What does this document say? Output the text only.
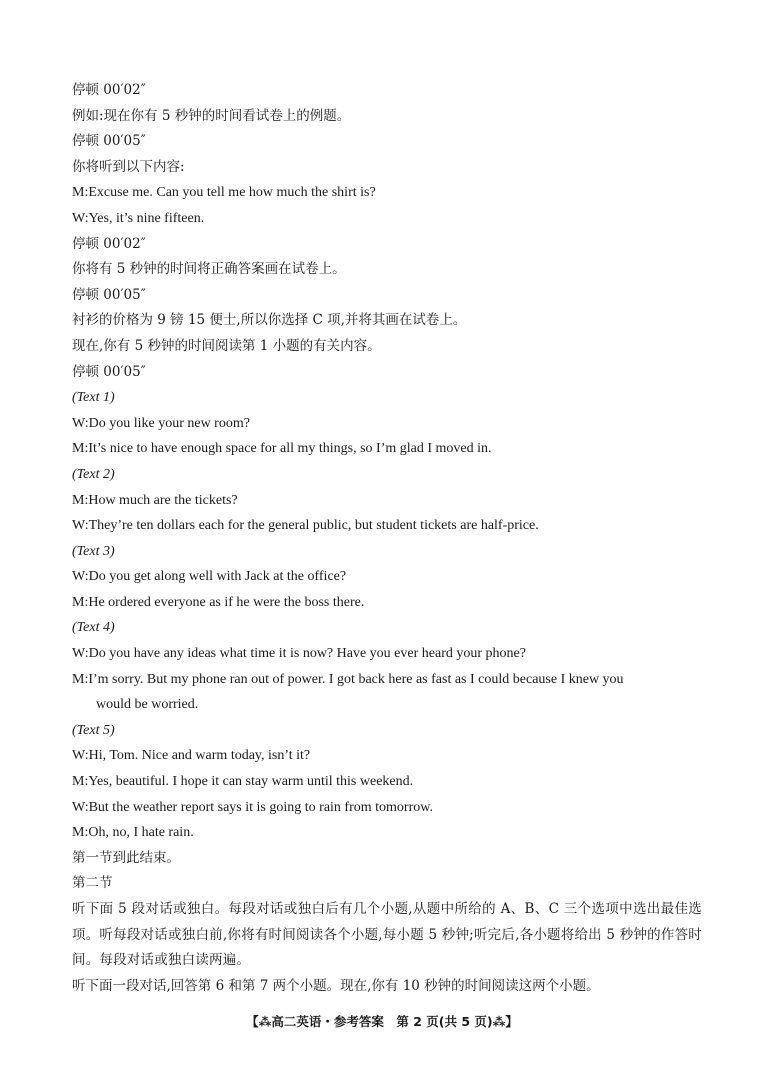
停顿 00′02″
例如:现在你有 5 秒钟的时间看试卷上的例题。
停顿 00′05″
你将听到以下内容:
M:Excuse me. Can you tell me how much the shirt is?
W:Yes, it’s nine fifteen.
停顿 00′02″
你将有 5 秒钟的时间将正确答案画在试卷上。
停顿 00′05″
衬衫的价格为 9 镑 15 便士,所以你选择 C 项,并将其画在试卷上。
现在,你有 5 秒钟的时间阅读第 1 小题的有关内容。
停顿 00′05″
(Text 1)
W:Do you like your new room?
M:It’s nice to have enough space for all my things, so I’m glad I moved in.
(Text 2)
M:How much are the tickets?
W:They’re ten dollars each for the general public, but student tickets are half-price.
(Text 3)
W:Do you get along well with Jack at the office?
M:He ordered everyone as if he were the boss there.
(Text 4)
W:Do you have any ideas what time it is now? Have you ever heard your phone?
M:I’m sorry. But my phone ran out of power. I got back here as fast as I could because I knew you
would be worried.
(Text 5)
W:Hi, Tom. Nice and warm today, isn’t it?
M:Yes, beautiful. I hope it can stay warm until this weekend.
W:But the weather report says it is going to rain from tomorrow.
M:Oh, no, I hate rain.
第一节到此结束。
第二节
听下面 5 段对话或独白。每段对话或独白后有几个小题,从题中所给的 A、B、C 三个选项中选出最佳选项。听每段对话或独白前,你将有时间阅读各个小题,每小题 5 秒钟;听完后,各小题将给出 5 秒钟的作答时间。每段对话或独白读两遍。
听下面一段对话,回答第 6 和第 7 两个小题。现在,你有 10 秒钟的时间阅读这两个小题。
【⁂高二英语・参考答案　第 2 页(共 5 页)⁂】
